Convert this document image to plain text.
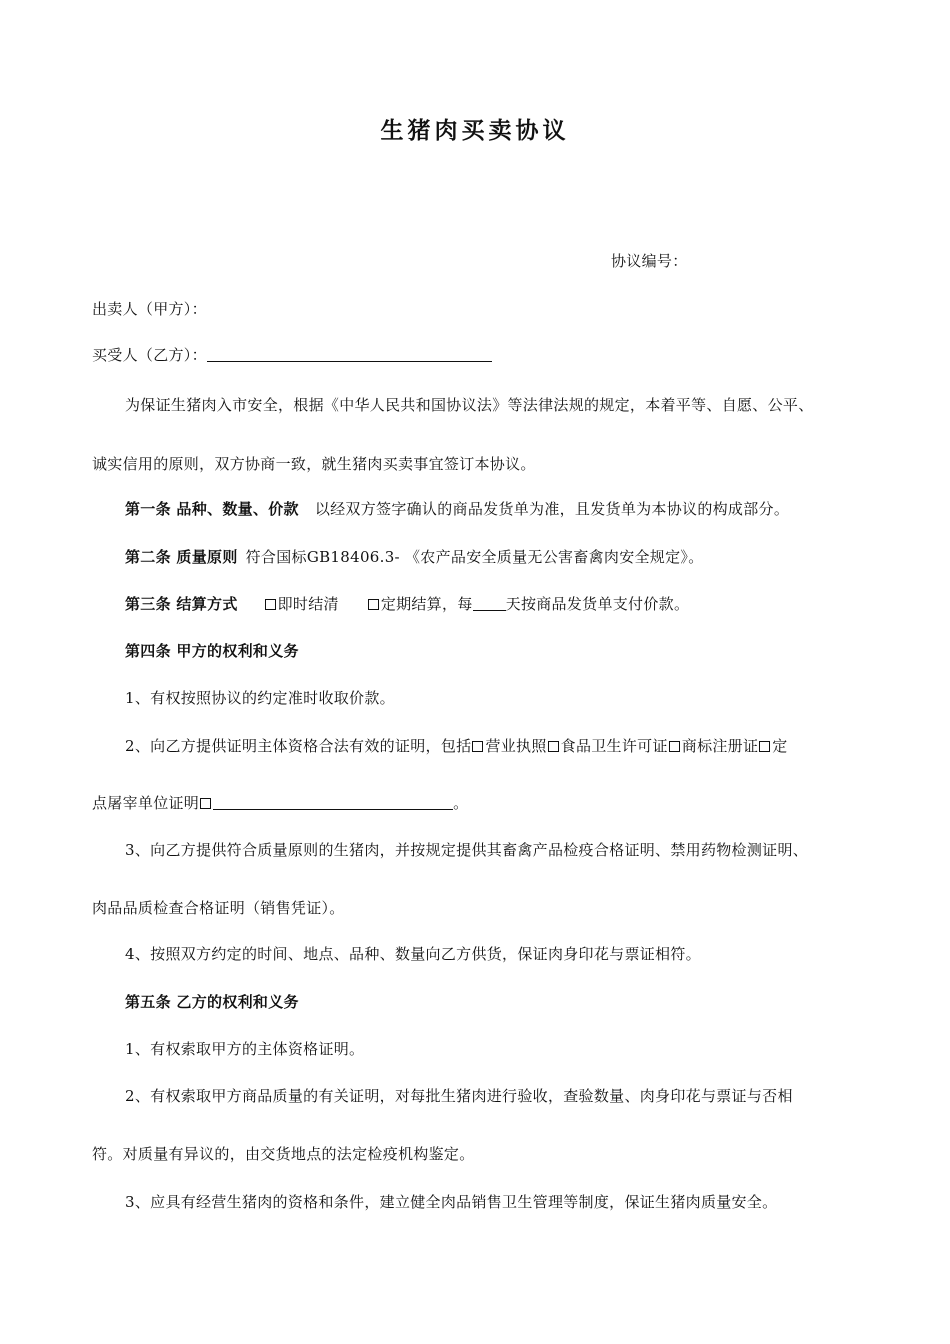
生猪肉买卖协议
协议编号：
出卖人（甲方）：
买受人（乙方）：
为保证生猪肉入市安全，根据《中华人民共和国协议法》等法律法规的规定，本着平等、自愿、公平、
诚实信用的原则，双方协商一致，就生猪肉买卖事宜签订本协议。
第一条 品种、数量、价款 以经双方签字确认的商品发货单为准，且发货单为本协议的构成部分。
第二条 质量原则 符合国标GB18406.3- 《农产品安全质量无公害畜禽肉安全规定》。
第三条 结算方式	即时结清	定期结算，每 天按商品发货单支付价款。
第四条 甲方的权利和义务
1、有权按照协议的约定准时收取价款。
2、向乙方提供证明主体资格合法有效的证明，包括 营业执照 食品卫生许可证 商标注册证 定
点屠宰单位证明	。
3、向乙方提供符合质量原则的生猪肉，并按规定提供其畜禽产品检疫合格证明、禁用药物检测证明、
肉品品质检查合格证明（销售凭证）。
4、按照双方约定的时间、地点、品种、数量向乙方供货，保证肉身印花与票证相符。
第五条 乙方的权利和义务
1、有权索取甲方的主体资格证明。
2、有权索取甲方商品质量的有关证明，对每批生猪肉进行验收，查验数量、肉身印花与票证与否相
符。对质量有异议的，由交货地点的法定检疫机构鉴定。
3、应具有经营生猪肉的资格和条件，建立健全肉品销售卫生管理等制度，保证生猪肉质量安全。
